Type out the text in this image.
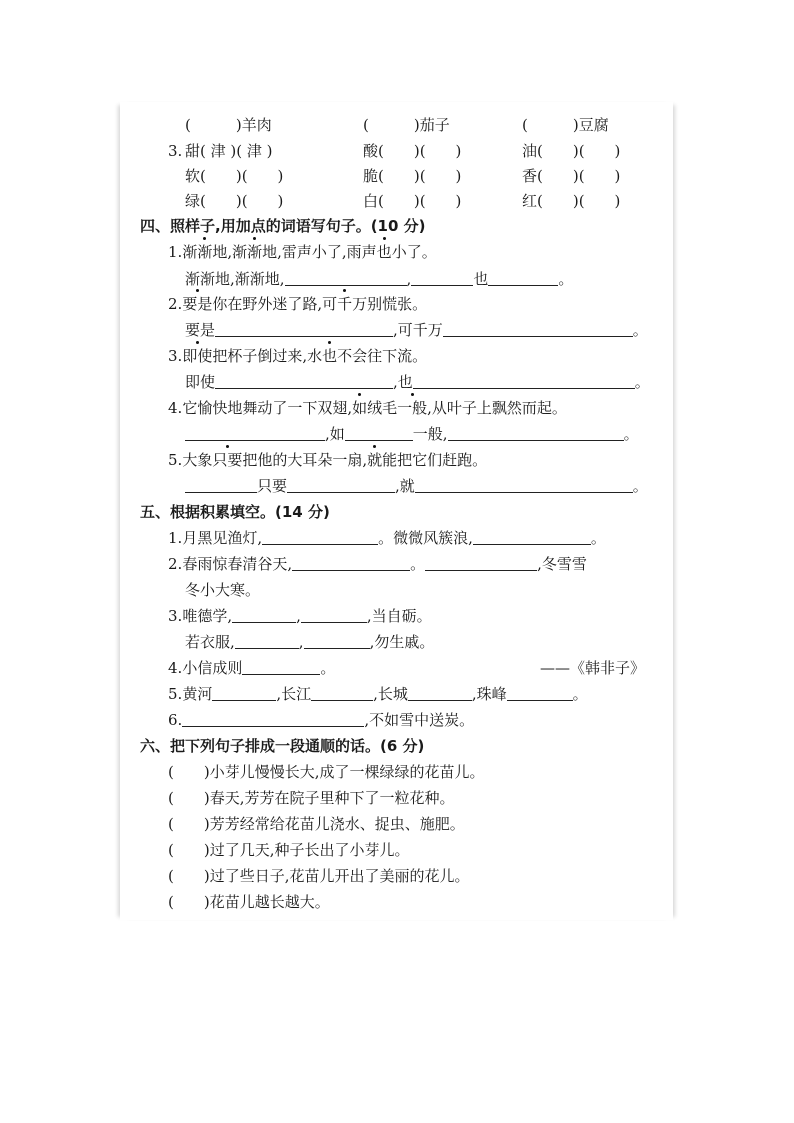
(　　　)羊肉	(　　　)茄子	(　　　)豆腐
3. 甜( 津 )( 津 )	酸(　　)(　　)	油(　　)(　　)
软(　　)(　　)	脆(　　)(　　)	香(　　)(　　)
绿(　　)(　　)	白(　　)(　　)	红(　　)(　　)
四、照样子,用加点的词语写句子。(10 分)
1.渐渐地,渐渐地,雷声小了,雨声也小了。
渐渐地,渐渐地,	,	也	。
2.要是你在野外迷了路,可千万别慌张。
要是	,可千万	。
3.即使把杯子倒过来,水也不会往下流。
即使	,也	。
4.它愉快地舞动了一下双翅,如绒毛一般,从叶子上飘然而起。
,如	一般,	。
5.大象只要把他的大耳朵一扇,就能把它们赶跑。
只要	,就	。
五、根据积累填空。(14 分)
1.月黑见渔灯,	。微微风簇浪,	。
2.春雨惊春清谷天,	。	,冬雪雪
冬小大寒。
3.唯德学,	,	,当自砺。
若衣服,	,	,勿生戚。
4.小信成则	。	——《韩非子》
5.黄河	,长江	,长城	,珠峰	。
6.	,不如雪中送炭。
六、把下列句子排成一段通顺的话。(6 分)
(　　)小芽儿慢慢长大,成了一棵绿绿的花苗儿。
(　　)春天,芳芳在院子里种下了一粒花种。
(　　)芳芳经常给花苗儿浇水、捉虫、施肥。
(　　)过了几天,种子长出了小芽儿。
(　　)过了些日子,花苗儿开出了美丽的花儿。
(　　)花苗儿越长越大。
